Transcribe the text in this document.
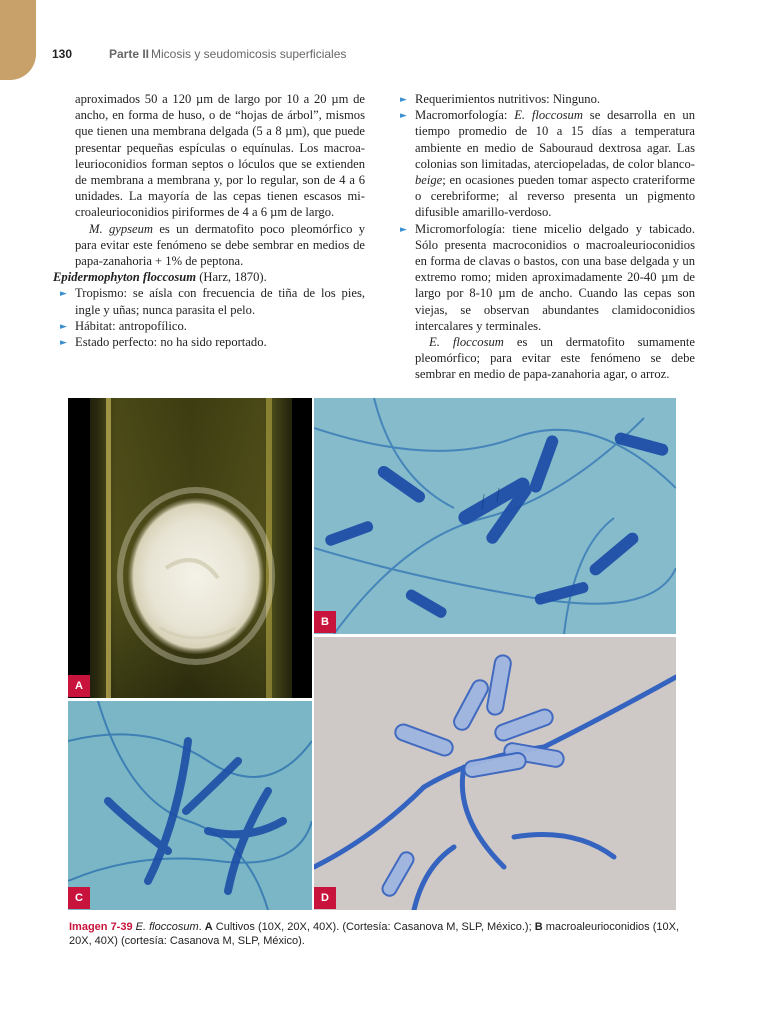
130	Parte II Micosis y seudomicosis superficiales

aproximados 50 a 120 µm de largo por 10 a 20 µm de ancho, en forma de huso, o de “hojas de árbol”, mismos que tienen una membrana delgada (5 a 8 µm), que puede presentar pequeñas espículas o equínulas. Los macroaleurioconidios forman septos o lóculos que se extienden de membrana a membrana y, por lo regular, son de 4 a 6 unidades. La mayoría de las cepas tienen escasos microaleurioconidios piriformes de 4 a 6 µm de largo.

M. gypseum es un dermatofito poco pleomórfico y para evitar este fenómeno se debe sembrar en medios de papa-zanahoria + 1% de peptona.

Epidermophyton floccosum (Harz, 1870).

► Tropismo: se aísla con frecuencia de tiña de los pies, ingle y uñas; nunca parasita el pelo.
► Hábitat: antropofílico.
► Estado perfecto: no ha sido reportado.
► Requerimientos nutritivos: Ninguno.
► Macromorfología: E. floccosum se desarrolla en un tiempo promedio de 10 a 15 días a temperatura ambiente en medio de Sabouraud dextrosa agar. Las colonias son limitadas, aterciopeladas, de color blanco-beige; en ocasiones pueden tomar aspecto crateriforme o cerebriforme; al reverso presenta un pigmento difusible amarillo-verdoso.
► Micromorfología: tiene micelio delgado y tabicado. Sólo presenta macroconidios o macroaleurioconidios en forma de clavas o bastos, con una base delgada y un extremo romo; miden aproximadamente 20-40 µm de largo por 8-10 µm de ancho. Cuando las cepas son viejas, se observan abundantes clamidoconidios intercalares y terminales.

E. floccosum es un dermatofito sumamente pleomórfico; para evitar este fenómeno se debe sembrar en medio de papa-zanahoria agar, o arroz.

A
B
C	D
Imagen 7-39 E. floccosum. A Cultivos (10X, 20X, 40X). (Cortesía: Casanova M, SLP, México.); B macroaleurioconidios (10X, 20X, 40X) (cortesía: Casanova M, SLP, México).
